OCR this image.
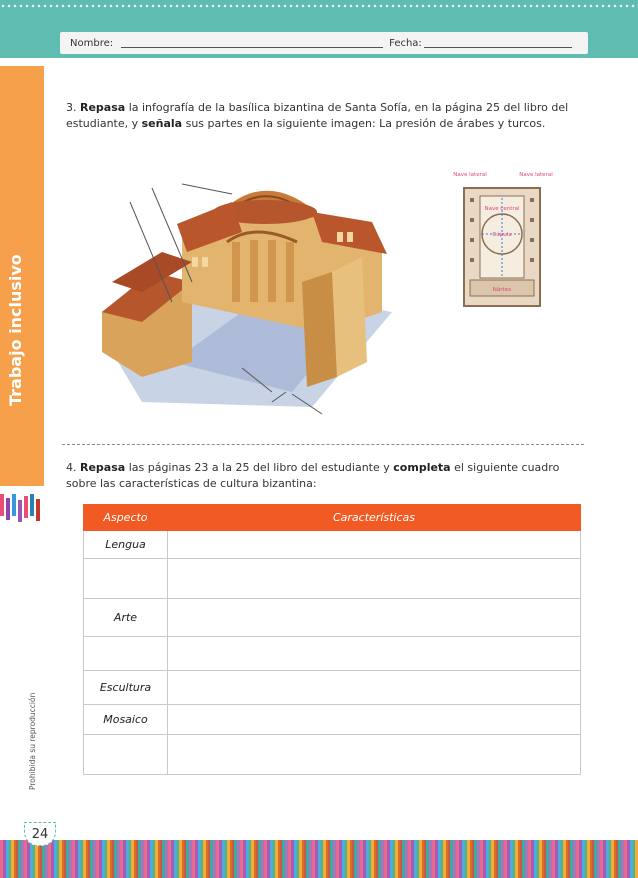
Nombre:	Fecha:
Trabajo inclusivo
Prohibida su reproducción
3. Repasa la infografía de la basílica bizantina de Santa Sofía, en la página 25 del libro del estudiante, y señala sus partes en la siguiente imagen: La presión de árabes y turcos.
Nave lateral	Nave lateral
Nave central
Cúpula
Nártex
4. Repasa las páginas 23 a la 25 del libro del estudiante y completa el siguiente cuadro sobre las características de cultura bizantina:
Aspecto	Características
Lengua	

Arte	

Escultura	
Mosaico	

24
